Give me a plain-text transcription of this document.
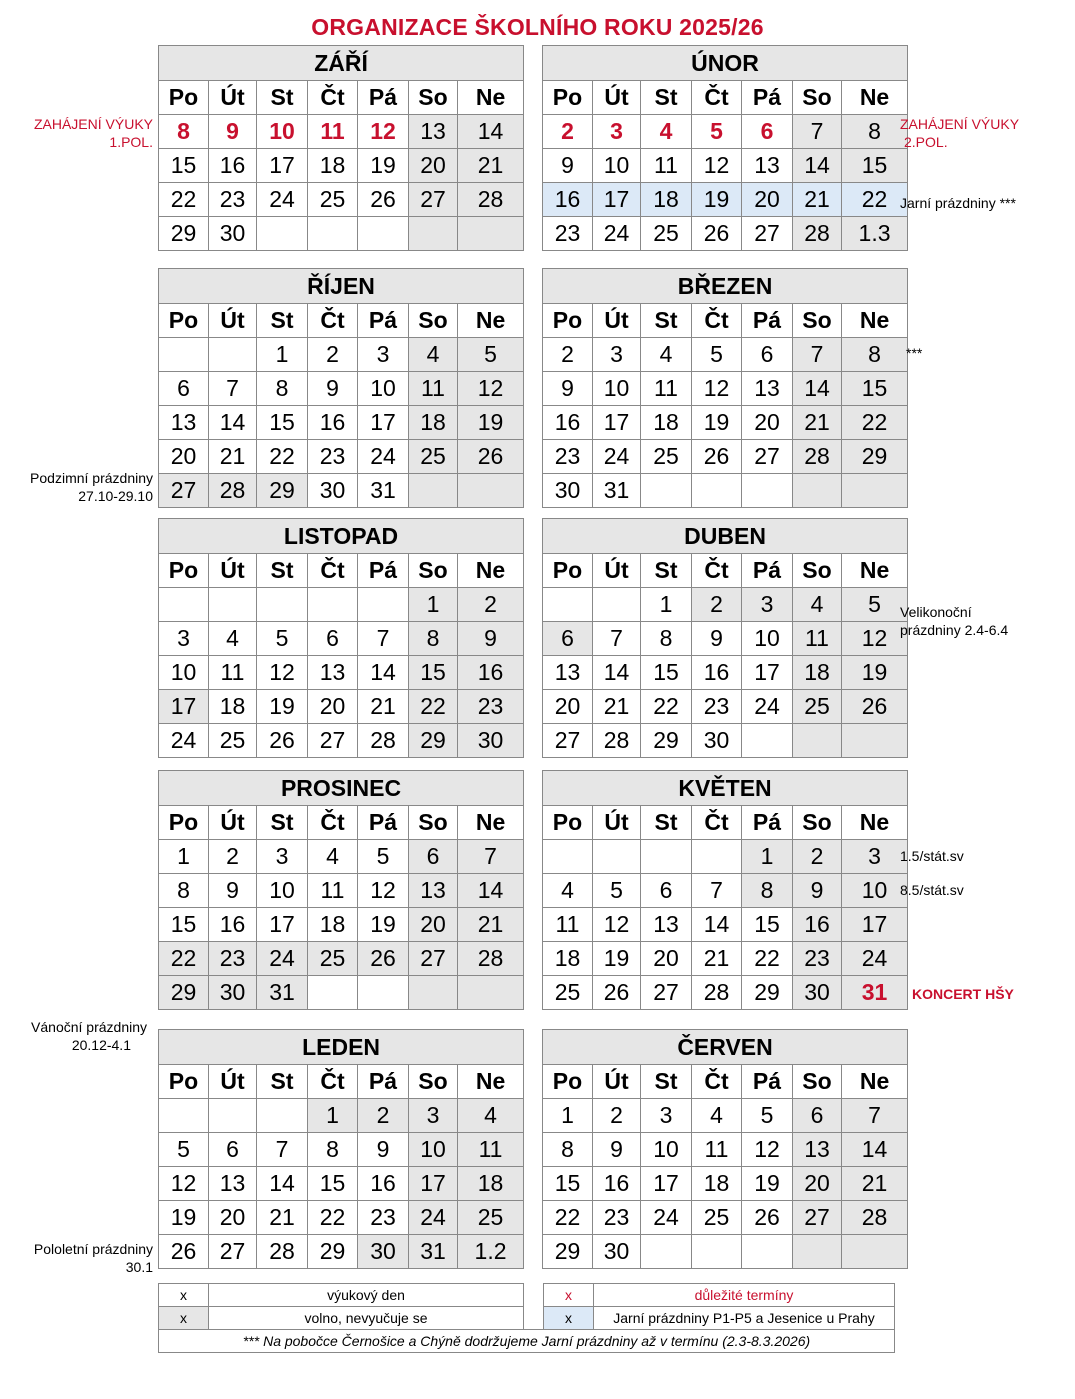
ORGANIZACE ŠKOLNÍHO ROKU 2025/26
ZÁŘÍ						
Po	Út	St	Čt	Pá	So	Ne
8	9	10	11	12	13	14
15	16	17	18	19	20	21
22	23	24	25	26	27	28
29	30					
ŘÍJEN						
Po	Út	St	Čt	Pá	So	Ne
		1	2	3	4	5
6	7	8	9	10	11	12
13	14	15	16	17	18	19
20	21	22	23	24	25	26
27	28	29	30	31		
LISTOPAD						
Po	Út	St	Čt	Pá	So	Ne
					1	2
3	4	5	6	7	8	9
10	11	12	13	14	15	16
17	18	19	20	21	22	23
24	25	26	27	28	29	30
PROSINEC						
Po	Út	St	Čt	Pá	So	Ne
1	2	3	4	5	6	7
8	9	10	11	12	13	14
15	16	17	18	19	20	21
22	23	24	25	26	27	28
29	30	31				
LEDEN						
Po	Út	St	Čt	Pá	So	Ne
			1	2	3	4
5	6	7	8	9	10	11
12	13	14	15	16	17	18
19	20	21	22	23	24	25
26	27	28	29	30	31	1.2
ÚNOR						
Po	Út	St	Čt	Pá	So	Ne
2	3	4	5	6	7	8
9	10	11	12	13	14	15
16	17	18	19	20	21	22
23	24	25	26	27	28	1.3
BŘEZEN						
Po	Út	St	Čt	Pá	So	Ne
2	3	4	5	6	7	8
9	10	11	12	13	14	15
16	17	18	19	20	21	22
23	24	25	26	27	28	29
30	31					
DUBEN						
Po	Út	St	Čt	Pá	So	Ne
		1	2	3	4	5
6	7	8	9	10	11	12
13	14	15	16	17	18	19
20	21	22	23	24	25	26
27	28	29	30			
KVĚTEN						
Po	Út	St	Čt	Pá	So	Ne
				1	2	3
4	5	6	7	8	9	10
11	12	13	14	15	16	17
18	19	20	21	22	23	24
25	26	27	28	29	30	31
ČERVEN						
Po	Út	St	Čt	Pá	So	Ne
1	2	3	4	5	6	7
8	9	10	11	12	13	14
15	16	17	18	19	20	21
22	23	24	25	26	27	28
29	30					
ZAHÁJENÍ VÝUKY
1.POL.
ZAHÁJENÍ VÝUKY
2.POL.
Jarní prázdniny ***
***
Podzimní prázdniny
27.10-29.10
Velikonoční
prázdniny 2.4-6.4
1.5/stát.sv
8.5/stát.sv
KONCERT HŠY
Vánoční prázdniny
20.12-4.1
Pololetní prázdniny
30.1
x	výukový den		x	důležité termíny
x	volno, nevyučuje se		x	Jarní prázdniny P1-P5 a Jesenice u Prahy
*** Na pobočce Černošice a Chýně dodržujeme Jarní prázdniny až v termínu (2.3-8.3.2026)				
